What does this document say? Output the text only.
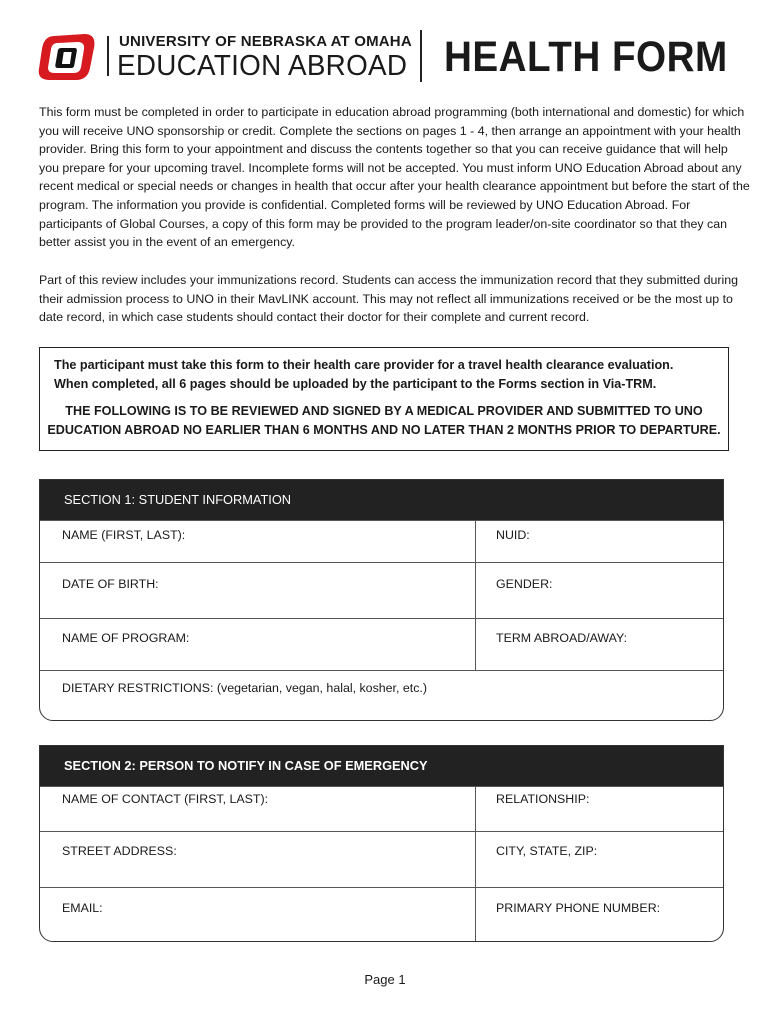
UNIVERSITY OF NEBRASKA AT OMAHA
EDUCATION ABROAD HEALTH FORM

This form must be completed in order to participate in education abroad programming (both international and domestic) for which you will receive UNO sponsorship or credit. Complete the sections on pages 1 - 4, then arrange an appointment with your health provider. Bring this form to your appointment and discuss the contents together so that you can receive guidance that will help you prepare for your upcoming travel. Incomplete forms will not be accepted. You must inform UNO Education Abroad about any recent medical or special needs or changes in health that occur after your health clearance appointment but before the start of the program. The information you provide is confidential. Completed forms will be reviewed by UNO Education Abroad. For participants of Global Courses, a copy of this form may be provided to the program leader/on-site coordinator so that they can better assist you in the event of an emergency.

Part of this review includes your immunizations record. Students can access the immunization record that they submitted during their admission process to UNO in their MavLINK account. This may not reflect all immunizations received or be the most up to date record, in which case students should contact their doctor for their complete and current record.

The participant must take this form to their health care provider for a travel health clearance evaluation.
When completed, all 6 pages should be uploaded by the participant to the Forms section in Via-TRM.
THE FOLLOWING IS TO BE REVIEWED AND SIGNED BY A MEDICAL PROVIDER AND SUBMITTED TO UNO
EDUCATION ABROAD NO EARLIER THAN 6 MONTHS AND NO LATER THAN 2 MONTHS PRIOR TO DEPARTURE.
SECTION 1: STUDENT INFORMATION
NAME (FIRST, LAST):	NUID:
DATE OF BIRTH:	GENDER:
NAME OF PROGRAM:	TERM ABROAD/AWAY:
DIETARY RESTRICTIONS: (vegetarian, vegan, halal, kosher, etc.)
SECTION 2: PERSON TO NOTIFY IN CASE OF EMERGENCY
NAME OF CONTACT (FIRST, LAST):	RELATIONSHIP:
STREET ADDRESS:	CITY, STATE, ZIP:
EMAIL:	PRIMARY PHONE NUMBER:
Page 1
